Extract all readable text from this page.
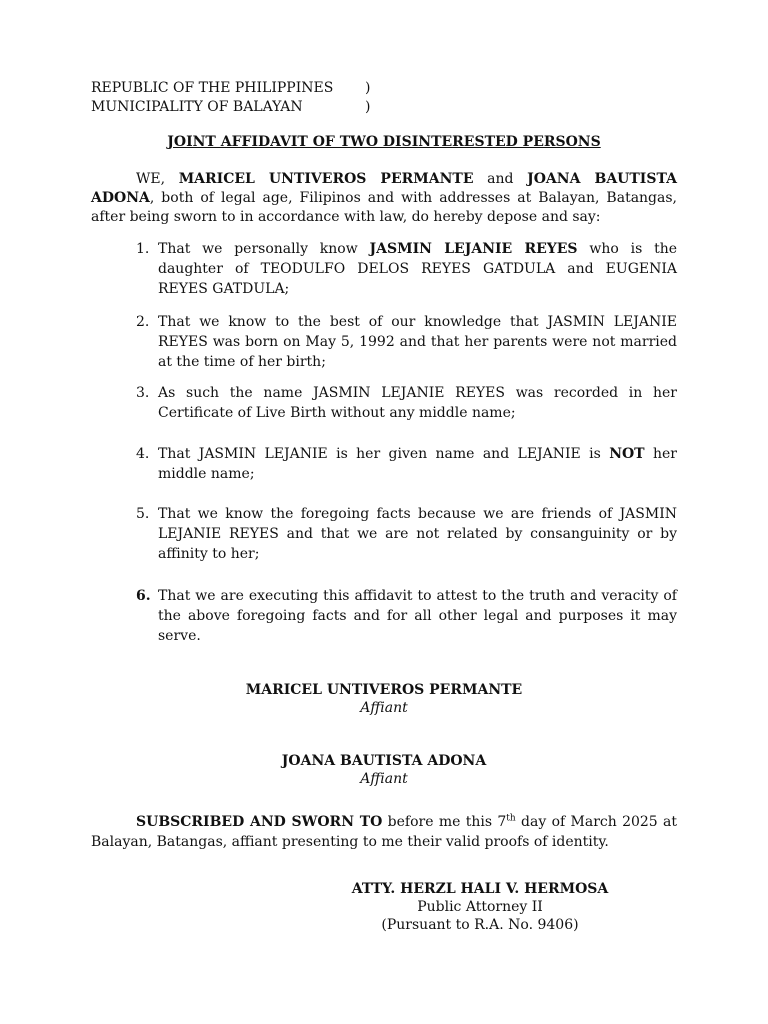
REPUBLIC OF THE PHILIPPINES	)
MUNICIPALITY OF BALAYAN	)
JOINT AFFIDAVIT OF TWO DISINTERESTED PERSONS

WE, MARICEL UNTIVEROS PERMANTE and JOANA BAUTISTA ADONA, both of legal age, Filipinos and with addresses at Balayan, Batangas, after being sworn to in accordance with law, do hereby depose and say:

1. That we personally know JASMIN LEJANIE REYES who is the daughter of TEODULFO DELOS REYES GATDULA and EUGENIA REYES GATDULA;
2. That we know to the best of our knowledge that JASMIN LEJANIE REYES was born on May 5, 1992 and that her parents were not married at the time of her birth;
3. As such the name JASMIN LEJANIE REYES was recorded in her Certificate of Live Birth without any middle name;
4. That JASMIN LEJANIE is her given name and LEJANIE is NOT her middle name;
5. That we know the foregoing facts because we are friends of JASMIN LEJANIE REYES and that we are not related by consanguinity or by affinity to her;
6. That we are executing this affidavit to attest to the truth and veracity of the above foregoing facts and for all other legal and purposes it may serve.
MARICEL UNTIVEROS PERMANTE
Affiant
JOANA BAUTISTA ADONA
Affiant

SUBSCRIBED AND SWORN TO before me this 7th day of March 2025 at Balayan, Batangas, affiant presenting to me their valid proofs of identity.

ATTY. HERZL HALI V. HERMOSA
Public Attorney II
(Pursuant to R.A. No. 9406)
